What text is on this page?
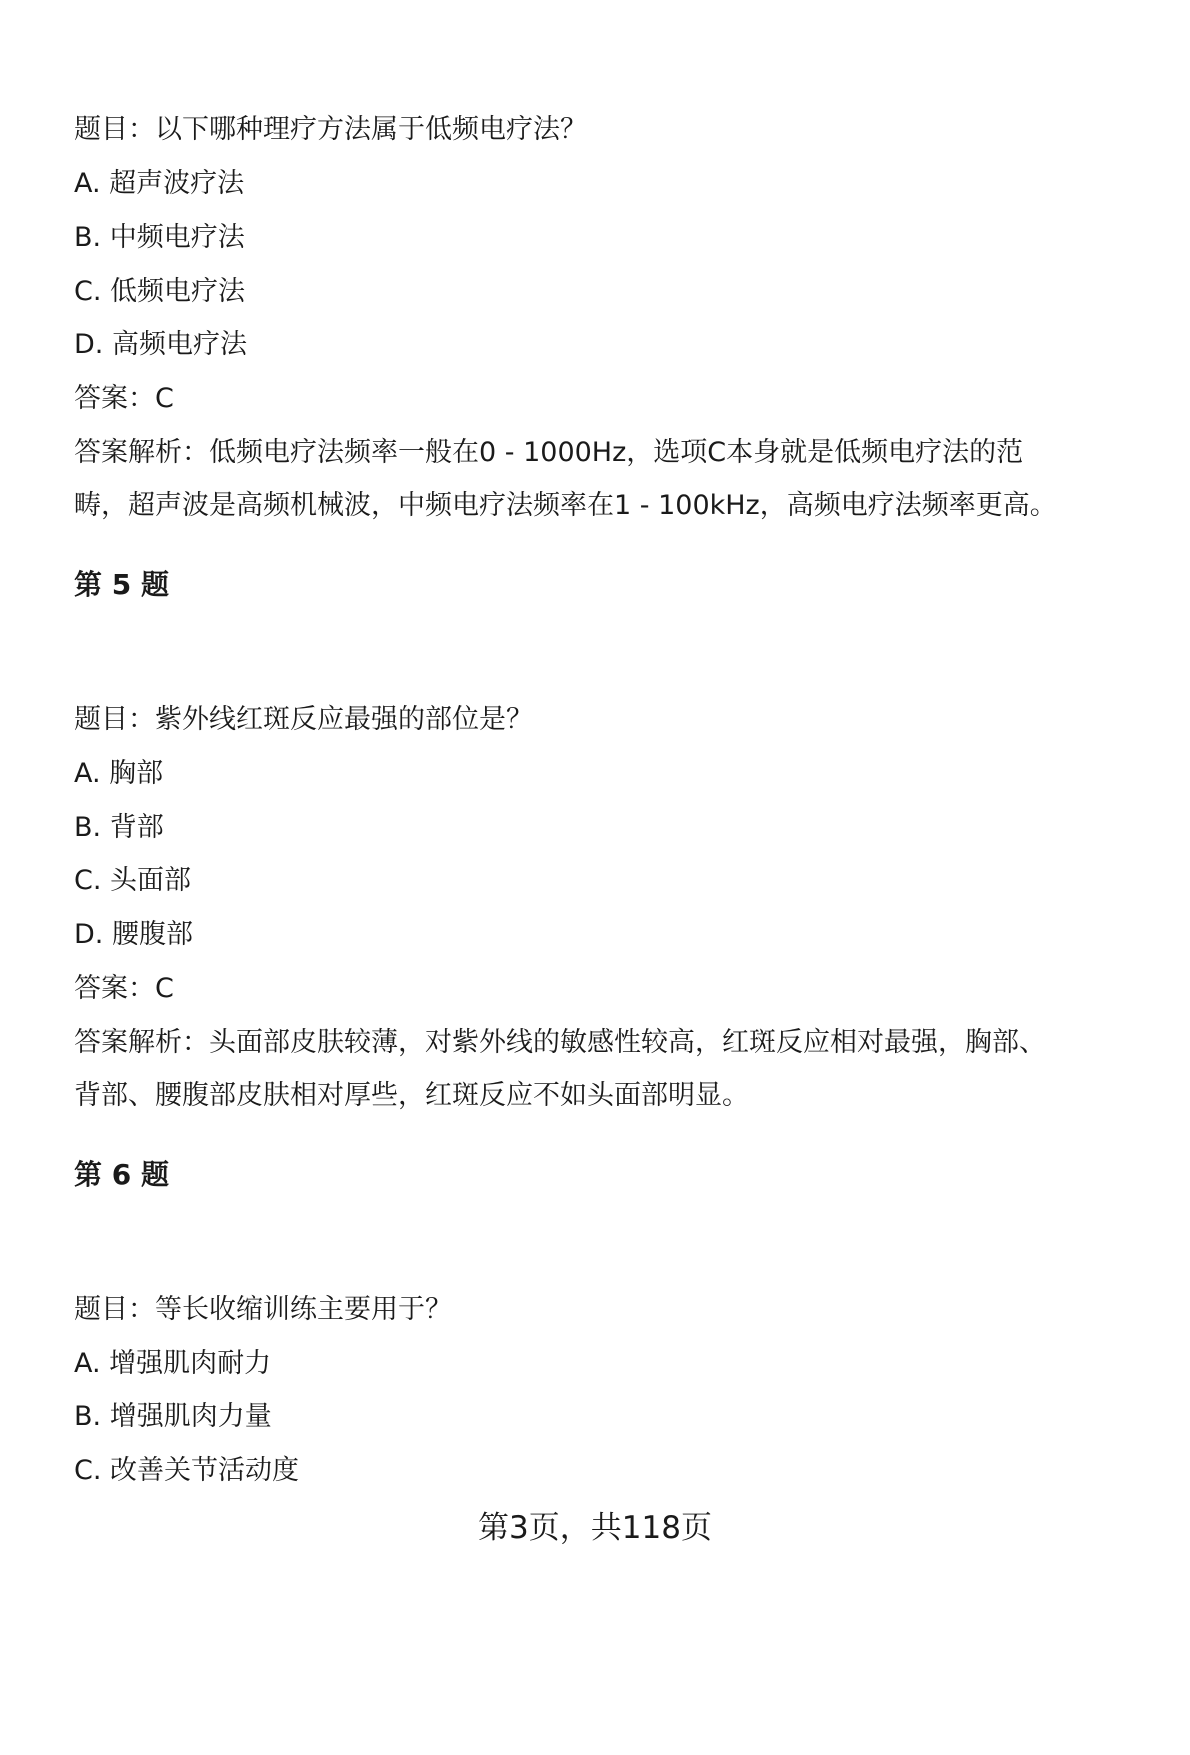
题目：以下哪种理疗方法属于低频电疗法？
A. 超声波疗法
B. 中频电疗法
C. 低频电疗法
D. 高频电疗法
答案：C
答案解析：低频电疗法频率一般在0 - 1000Hz，选项C本身就是低频电疗法的范
畴，超声波是高频机械波，中频电疗法频率在1 - 100kHz，高频电疗法频率更高。
第 5 题
题目：紫外线红斑反应最强的部位是？
A. 胸部
B. 背部
C. 头面部
D. 腰腹部
答案：C
答案解析：头面部皮肤较薄，对紫外线的敏感性较高，红斑反应相对最强，胸部、
背部、腰腹部皮肤相对厚些，红斑反应不如头面部明显。
第 6 题
题目：等长收缩训练主要用于？
A. 增强肌肉耐力
B. 增强肌肉力量
C. 改善关节活动度
第3页，共118页
